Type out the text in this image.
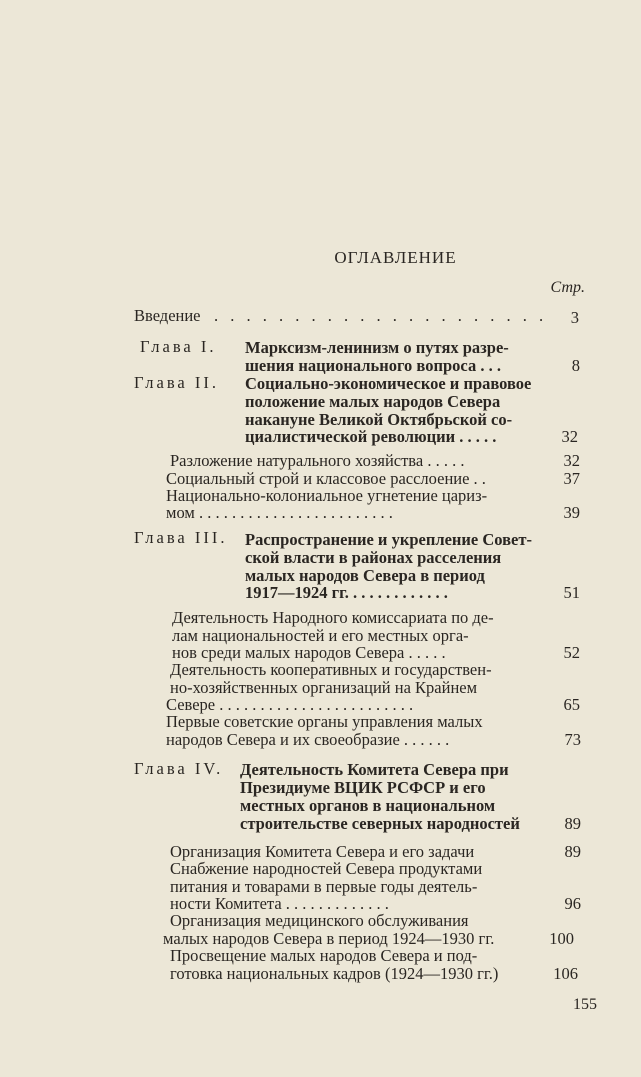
ОГЛАВЛЕНИЕ
Стр.
Введение . . . . . . . . . . . . . . . . . . . . .	3
Глава I. Марксизм-ленинизм о путях разре-
шения национального вопроса . . .	8
Глава II. Социально-экономическое и правовое
положение малых народов Севера
накануне Великой Октябрьской со-
циалистической революции . . . . .	32
Разложение натурального хозяйства . . . . .	32
Социальный строй и классовое расслоение . .	37
Национально-колониальное угнетение цариз-
мом . . . . . . . . . . . . . . . . . . . . . . . .	39
Глава III. Распространение и укрепление Совет-
ской власти в районах расселения
малых народов Севера в период
1917—1924 гг. . . . . . . . . . . . .	51
Деятельность Народного комиссариата по де-
лам национальностей и его местных орга-
нов среди малых народов Севера . . . . .	52
Деятельность кооперативных и государствен-
но-хозяйственных организаций на Крайнем
Севере . . . . . . . . . . . . . . . . . . . . . . . .	65
Первые советские органы управления малых
народов Севера и их своеобразие . . . . . .	73
Глава IV. Деятельность Комитета Севера при
Президиуме ВЦИК РСФСР и его
местных органов в национальном
строительстве северных народностей	89
Организация Комитета Севера и его задачи	89
Снабжение народностей Севера продуктами
питания и товарами в первые годы деятель-
ности Комитета . . . . . . . . . . . . .	96
Организация медицинского обслуживания
малых народов Севера в период 1924—1930 гг.	100
Просвещение малых народов Севера и под-
готовка национальных кадров (1924—1930 гг.)	106
155
